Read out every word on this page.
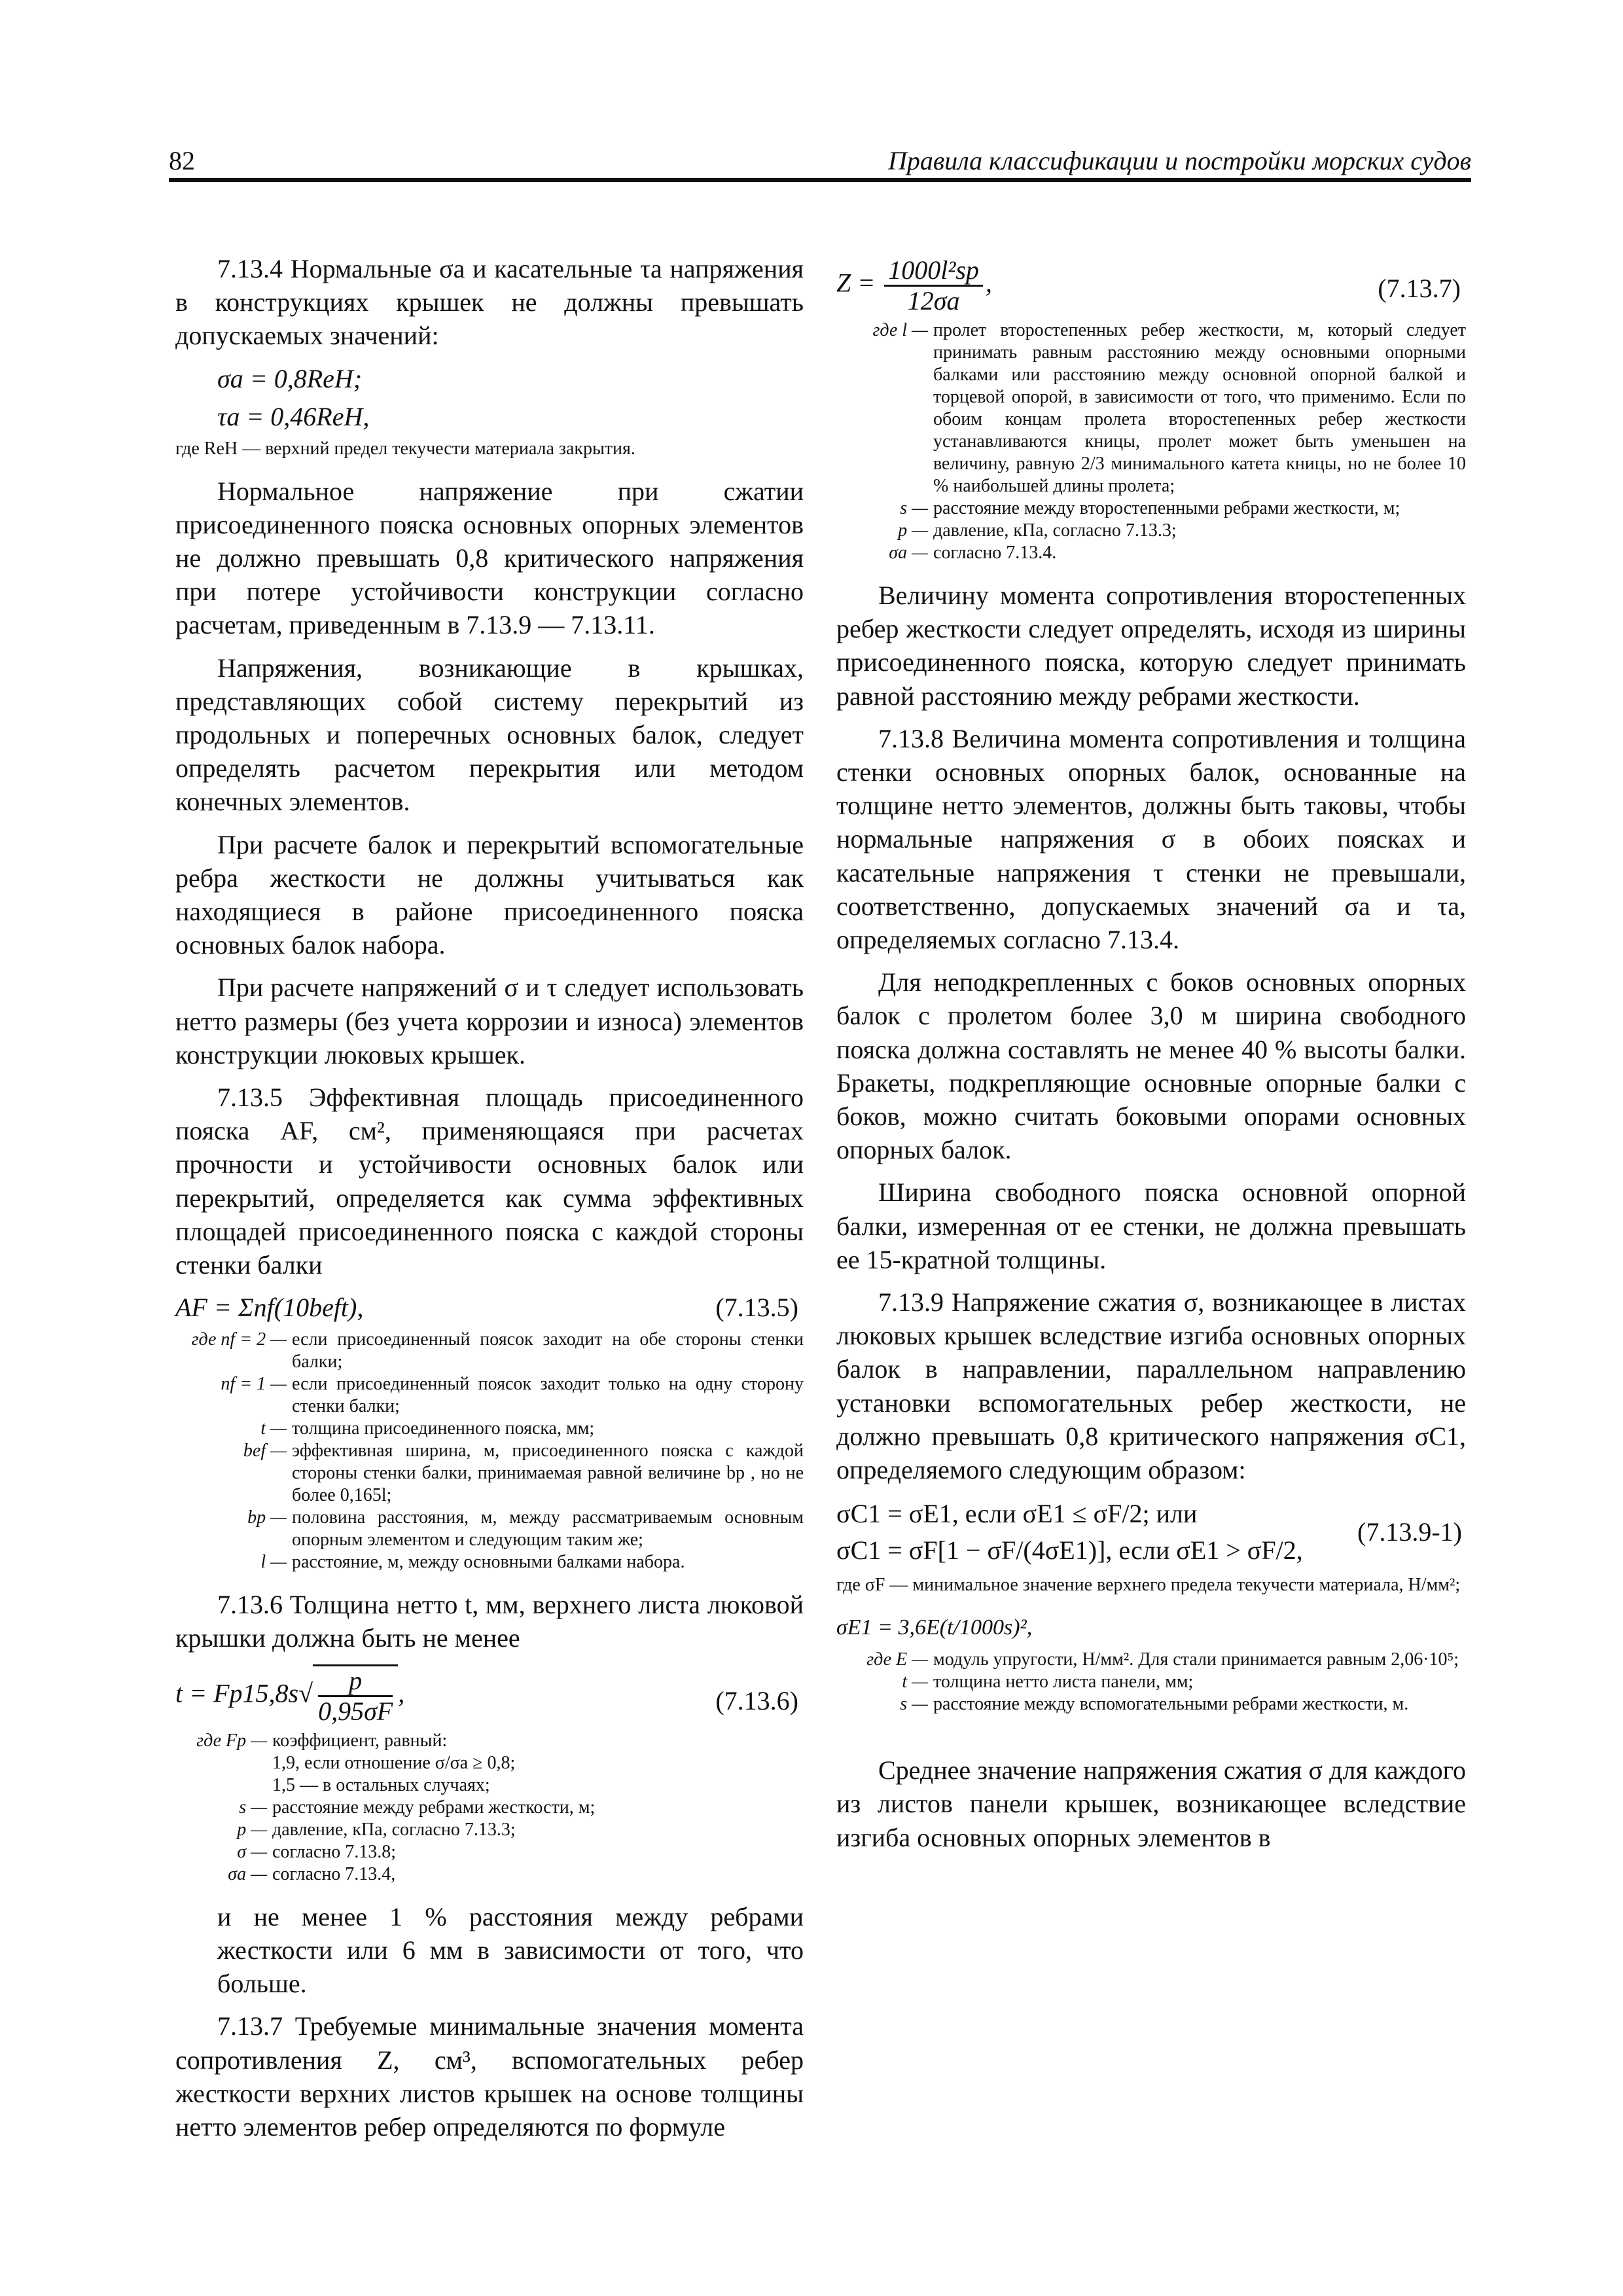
82	Правила классификации и постройки морских судов

7.13.4 Нормальные σa и касательные τa напряжения в конструкциях крышек не должны превышать допускаемых значений:

σa = 0,8ReH;
τa = 0,46ReH,
где ReH — верхний предел текучести материала закрытия.

Нормальное напряжение при сжатии присоединенного пояска основных опорных элементов не должно превышать 0,8 критического напряжения при потере устойчивости конструкции согласно расчетам, приведенным в 7.13.9 — 7.13.11.

Напряжения, возникающие в крышках, представляющих собой систему перекрытий из продольных и поперечных основных балок, следует определять расчетом перекрытия или методом конечных элементов.

При расчете балок и перекрытий вспомогательные ребра жесткости не должны учитываться как находящиеся в районе присоединенного пояска основных балок набора.

При расчете напряжений σ и τ следует использовать нетто размеры (без учета коррозии и износа) элементов конструкции люковых крышек.

7.13.5 Эффективная площадь присоединенного пояска AF, см², применяющаяся при расчетах прочности и устойчивости основных балок или перекрытий, определяется как сумма эффективных площадей присоединенного пояска с каждой стороны стенки балки

AF = Σnf(10beft),	(7.13.5)
где nf = 2 — если присоединенный поясок заходит на обе стороны стенки балки;
nf = 1 — если присоединенный поясок заходит только на одну сторону стенки балки;
t — толщина присоединенного пояска, мм;
bef — эффективная ширина, м, присоединенного пояска с каждой стороны стенки балки, принимаемая равной величине bp , но не более 0,165l;
bp — половина расстояния, м, между рассматриваемым основным опорным элементом и следующим таким же;
l — расстояние, м, между основными балками набора.

7.13.6 Толщина нетто t, мм, верхнего листа люковой крышки должна быть не менее

$t = Fp15,8s√ \frac{p}{0,95\sigma F}$ ,	(7.13.6)
где Fp — коэффициент, равный:
1,9, если отношение σ/σa ≥ 0,8;
1,5 — в остальных случаях;
s — расстояние между ребрами жесткости, м;
p — давление, кПа, согласно 7.13.3;
σ — согласно 7.13.8;
σa — согласно 7.13.4,

и не менее 1 % расстояния между ребрами жесткости или 6 мм в зависимости от того, что больше.

7.13.7 Требуемые минимальные значения момента сопротивления Z, см³, вспомогательных ребер жесткости верхних листов крышек на основе толщины нетто элементов ребер определяются по формуле

$Z = \frac{\text{1000l²sp}}{12\sigma a}$ ,	(7.13.7)
где l — пролет второстепенных ребер жесткости, м, который следует принимать равным расстоянию между основными опорными балками или расстоянию между основной опорной балкой и торцевой опорой, в зависимости от того, что применимо. Если по обоим концам пролета второстепенных ребер жесткости устанавливаются кницы, пролет может быть уменьшен на величину, равную 2/3 минимального катета кницы, но не более 10 % наибольшей длины пролета;
s — расстояние между второстепенными ребрами жесткости, м;
p — давление, кПа, согласно 7.13.3;
σa — согласно 7.13.4.

Величину момента сопротивления второстепенных ребер жесткости следует определять, исходя из ширины присоединенного пояска, которую следует принимать равной расстоянию между ребрами жесткости.

7.13.8 Величина момента сопротивления и толщина стенки основных опорных балок, основанные на толщине нетто элементов, должны быть таковы, чтобы нормальные напряжения σ в обоих поясках и касательные напряжения τ стенки не превышали, соответственно, допускаемых значений σa и τa, определяемых согласно 7.13.4.

Для неподкрепленных с боков основных опорных балок с пролетом более 3,0 м ширина свободного пояска должна составлять не менее 40 % высоты балки. Бракеты, подкрепляющие основные опорные балки с боков, можно считать боковыми опорами основных опорных балок.

Ширина свободного пояска основной опорной балки, измеренная от ее стенки, не должна превышать ее 15-кратной толщины.

7.13.9 Напряжение сжатия σ, возникающее в листах люковых крышек вследствие изгиба основных опорных балок в направлении, параллельном направлению установки вспомогательных ребер жесткости, не должно превышать 0,8 критического напряжения σC1, определяемого следующим образом:

σC1 = σE1, если σE1 ≤ σF/2; или
σC1 = σF[1 − σF/(4σE1)], если σE1 > σF/2,
(7.13.9-1)
где σF — минимальное значение верхнего предела текучести материала, Н/мм²;
σE1 = 3,6E(t/1000s)²,
где E — модуль упругости, Н/мм². Для стали принимается равным 2,06·10⁵;
t — толщина нетто листа панели, мм;
s — расстояние между вспомогательными ребрами жесткости, м.

Среднее значение напряжения сжатия σ для каждого из листов панели крышек, возникающее вследствие изгиба основных опорных элементов в
